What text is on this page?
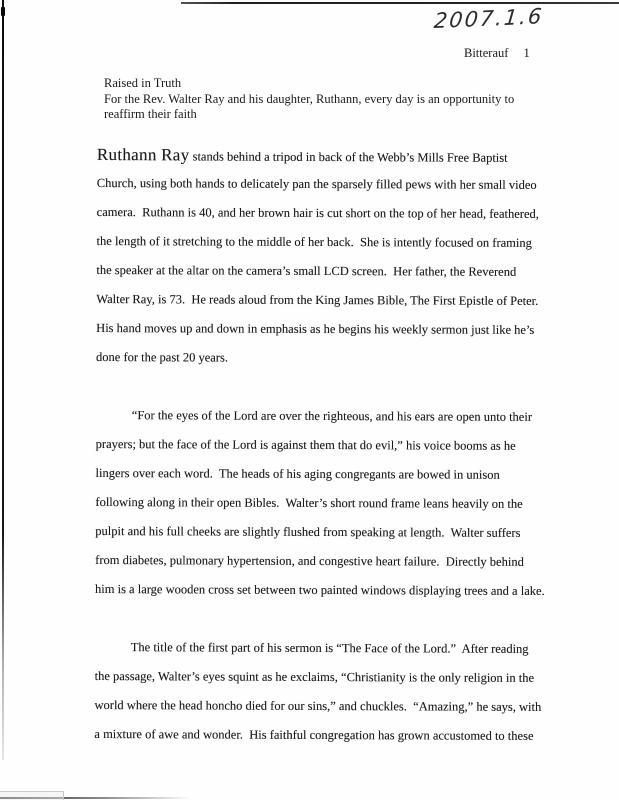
2007.1.6
Bitterauf 1
Raised in Truth
For the Rev. Walter Ray and his daughter, Ruthann, every day is an opportunity to
reaffirm their faith
Ruthann Ray stands behind a tripod in back of the Webb’s Mills Free Baptist
Church, using both hands to delicately pan the sparsely filled pews with her small video
camera.  Ruthann is 40, and her brown hair is cut short on the top of her head, feathered,
the length of it stretching to the middle of her back.  She is intently focused on framing
the speaker at the altar on the camera’s small LCD screen.  Her father, the Reverend
Walter Ray, is 73.  He reads aloud from the King James Bible, The First Epistle of Peter.
His hand moves up and down in emphasis as he begins his weekly sermon just like he’s
done for the past 20 years.
“For the eyes of the Lord are over the righteous, and his ears are open unto their
prayers; but the face of the Lord is against them that do evil,” his voice booms as he
lingers over each word.  The heads of his aging congregants are bowed in unison
following along in their open Bibles.  Walter’s short round frame leans heavily on the
pulpit and his full cheeks are slightly flushed from speaking at length.  Walter suffers
from diabetes, pulmonary hypertension, and congestive heart failure.  Directly behind
him is a large wooden cross set between two painted windows displaying trees and a lake.
The title of the first part of his sermon is “The Face of the Lord.”  After reading
the passage, Walter’s eyes squint as he exclaims, “Christianity is the only religion in the
world where the head honcho died for our sins,” and chuckles.  “Amazing,” he says, with
a mixture of awe and wonder.  His faithful congregation has grown accustomed to these
